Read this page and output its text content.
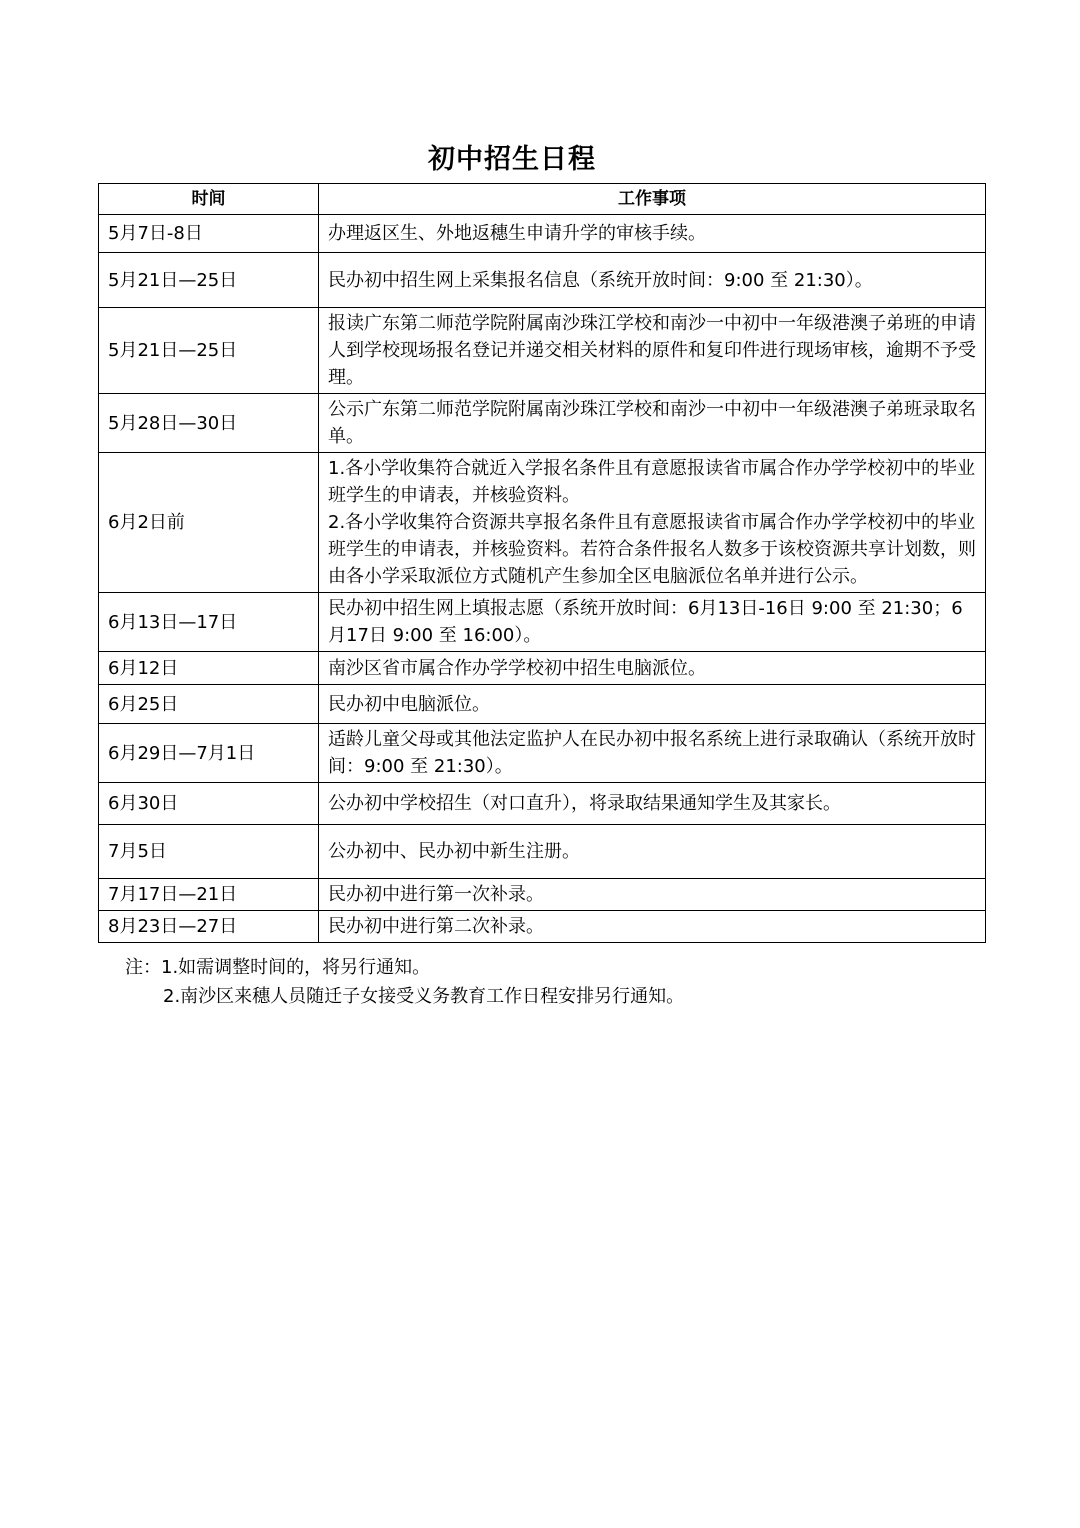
初中招生日程
时间	工作事项
5月7日-8日	办理返区生、外地返穗生申请升学的审核手续。
5月21日—25日	民办初中招生网上采集报名信息（系统开放时间：9:00 至 21:30）。
5月21日—25日	报读广东第二师范学院附属南沙珠江学校和南沙一中初中一年级港澳子弟班的申请人到学校现场报名登记并递交相关材料的原件和复印件进行现场审核，逾期不予受理。
5月28日—30日	公示广东第二师范学院附属南沙珠江学校和南沙一中初中一年级港澳子弟班录取名单。
6月2日前	1.各小学收集符合就近入学报名条件且有意愿报读省市属合作办学学校初中的毕业班学生的申请表，并核验资料。
2.各小学收集符合资源共享报名条件且有意愿报读省市属合作办学学校初中的毕业班学生的申请表，并核验资料。若符合条件报名人数多于该校资源共享计划数，则由各小学采取派位方式随机产生参加全区电脑派位名单并进行公示。

6月13日—17日	民办初中招生网上填报志愿（系统开放时间：6月13日-16日 9:00 至 21:30；6月17日 9:00 至 16:00）。
6月12日	南沙区省市属合作办学学校初中招生电脑派位。
6月25日	民办初中电脑派位。
6月29日—7月1日	适龄儿童父母或其他法定监护人在民办初中报名系统上进行录取确认（系统开放时间：9:00 至 21:30）。
6月30日	公办初中学校招生（对口直升），将录取结果通知学生及其家长。
7月5日	公办初中、民办初中新生注册。
7月17日—21日	民办初中进行第一次补录。
8月23日—27日	民办初中进行第二次补录。
注：1.如需调整时间的，将另行通知。
2.南沙区来穗人员随迁子女接受义务教育工作日程安排另行通知。
